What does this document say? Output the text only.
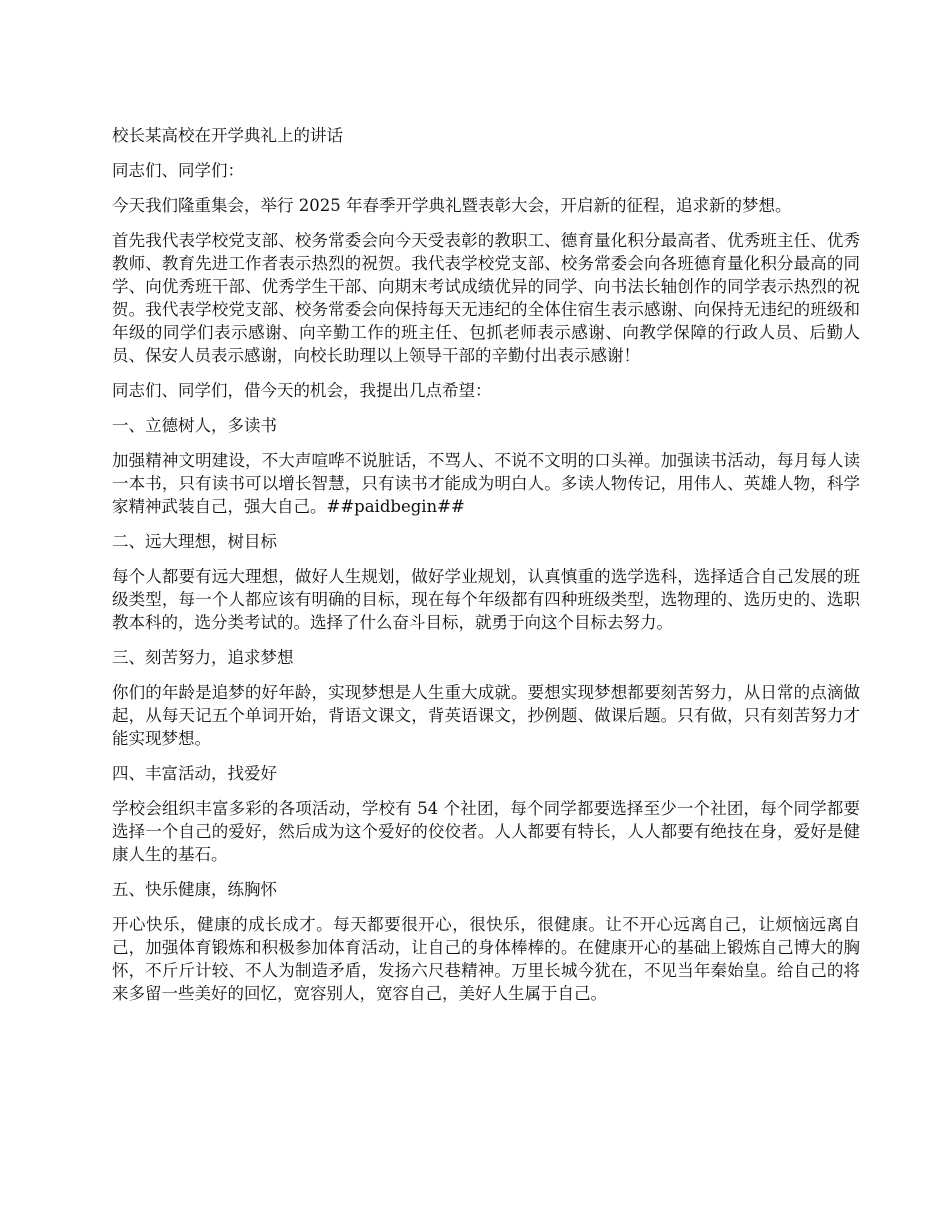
校长某高校在开学典礼上的讲话
同志们、同学们：
今天我们隆重集会，举行 2025 年春季开学典礼暨表彰大会，开启新的征程，追求新的梦想。
首先我代表学校党支部、校务常委会向今天受表彰的教职工、德育量化积分最高者、优秀班主任、优秀教师、教育先进工作者表示热烈的祝贺。我代表学校党支部、校务常委会向各班德育量化积分最高的同学、向优秀班干部、优秀学生干部、向期末考试成绩优异的同学、向书法长轴创作的同学表示热烈的祝贺。我代表学校党支部、校务常委会向保持每天无违纪的全体住宿生表示感谢、向保持无违纪的班级和年级的同学们表示感谢、向辛勤工作的班主任、包抓老师表示感谢、向教学保障的行政人员、后勤人员、保安人员表示感谢，向校长助理以上领导干部的辛勤付出表示感谢！
同志们、同学们，借今天的机会，我提出几点希望：
一、立德树人，多读书
加强精神文明建设，不大声喧哗不说脏话，不骂人、不说不文明的口头禅。加强读书活动，每月每人读一本书，只有读书可以增长智慧，只有读书才能成为明白人。多读人物传记，用伟人、英雄人物，科学家精神武装自己，强大自己。##paidbegin##
二、远大理想，树目标
每个人都要有远大理想，做好人生规划，做好学业规划，认真慎重的选学选科，选择适合自己发展的班级类型，每一个人都应该有明确的目标，现在每个年级都有四种班级类型，选物理的、选历史的、选职教本科的，选分类考试的。选择了什么奋斗目标，就勇于向这个目标去努力。
三、刻苦努力，追求梦想
你们的年龄是追梦的好年龄，实现梦想是人生重大成就。要想实现梦想都要刻苦努力，从日常的点滴做起，从每天记五个单词开始，背语文课文，背英语课文，抄例题、做课后题。只有做，只有刻苦努力才能实现梦想。
四、丰富活动，找爱好
学校会组织丰富多彩的各项活动，学校有 54 个社团，每个同学都要选择至少一个社团，每个同学都要选择一个自己的爱好，然后成为这个爱好的佼佼者。人人都要有特长，人人都要有绝技在身，爱好是健康人生的基石。
五、快乐健康，练胸怀
开心快乐，健康的成长成才。每天都要很开心，很快乐，很健康。让不开心远离自己，让烦恼远离自己，加强体育锻炼和积极参加体育活动，让自己的身体棒棒的。在健康开心的基础上锻炼自己博大的胸怀，不斤斤计较、不人为制造矛盾，发扬六尺巷精神。万里长城今犹在，不见当年秦始皇。给自己的将来多留一些美好的回忆，宽容别人，宽容自己，美好人生属于自己。
